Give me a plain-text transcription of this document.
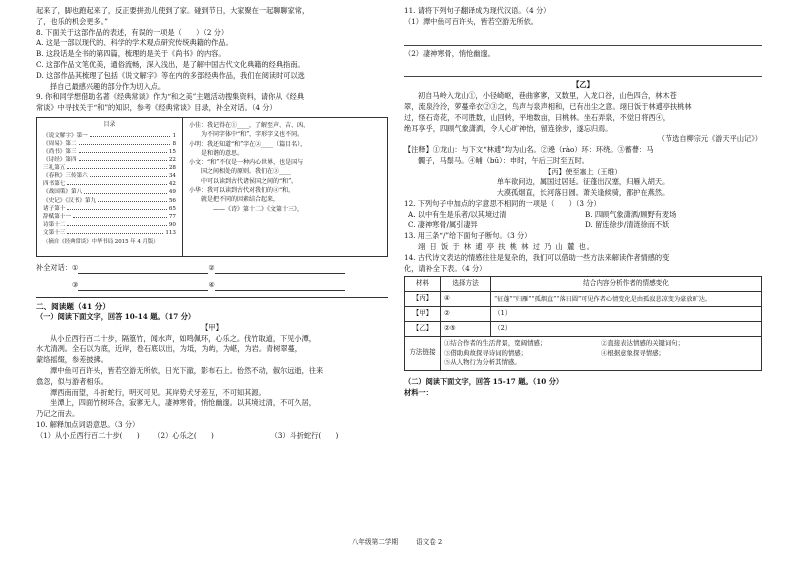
起来了，脚也跑起来了，反正要拼劲儿使到了家。碰到节日，大家聚在一起聊聊家常，
了，也乐的机会更多。”
8. 下面关于这部作品的表述，有误的一项是（　　）（2 分）
A. 这是一部以现代的、科学的学术观点研究传统典籍的作品。
B. 这段话是全书的第四篇，梳理的是关于《尚书》的内容。
C. 这部作品文笔优美，通俗流畅，深入浅出，是了解中国古代文化典籍的经典指南。
D. 这部作品其梳理了包括《说文解字》等在内的多部经典作品，我们在阅读时可以选
择自己最感兴趣的部分作为切入点。
9. 你和同学想借助名著《经典常谈》作为“和之美”主题活动搜集资料，请你从《经典
常谈》中寻找关于“和”的知识，参考《经典常谈》目录，补全对话。（4 分）
目录
《说文解字》第一	1
《周易》第二	8
《尚书》第三	15
《诗经》第四	22
三礼第五	28
《春秋》三传第六	34
四书第七	42
《战国策》第八	49
《史记》《汉书》第九	56
诸子第十	65
辞赋第十一	77
诗第十二	90
文第十三	113
（摘自《经典常谈》中华书局 2015 年 4 月版）
小佳：我记得在①____，了解至声、吉、凶、
　　为不同字体中“和”，字形字义也不同。
小明：我还知道“和”字在②____（篇目名），
　　是和谐的意思。
小文：“和”不仅是一种内心世界，也是国与
　　国之间相处的原则。我们在③____
　　中可以读到古代诸侯国之间的“和”。
小华：我可以读到古代对我们的④“和，
　　就是把不同的因素结合起来，
　　　　——《诗》第十二》《文第十三》，
补全对话： ①	②
③	④
二、阅读题（41 分）
（一）阅读下面文字，回答 10-14 题。（17 分）
【甲】
从小丘西行百二十步，隔篁竹，闻水声，如鸣佩环，心乐之。伐竹取道，下见小潭，
水尤清冽。全石以为底，近岸，卷石底以出，为坻，为屿，为嵁，为岩。青树翠蔓，
蒙络摇缀，参差披拂。
潭中鱼可百许头，皆若空游无所依，日光下澈，影布石上。佁然不动，俶尔远逝，往来
翕忽，似与游者相乐。
潭西南而望，斗折蛇行，明灭可见。其岸势犬牙差互，不可知其源。
坐潭上，四面竹树环合，寂寥无人，凄神寒骨，悄怆幽邃。以其境过清，不可久居，
乃记之而去。
10. 解释加点词语意思。（3 分）
（1）从小丘西行百二十步(　　)	（2）心乐之(　　)	（3）斗折蛇行(　　)
11. 请将下列句子翻译成为现代汉语。（4 分）
（1）潭中鱼可百许头，皆若空游无所依。
（2）凄神寒骨，悄怆幽邃。
【乙】
初自马岭入龙山①，小径崎岖，巷曲寥寥，又数里，入龙口谷，山色四合，林木苍
翠，流泉泠泠，萝蔓牵衣②③之，鸟声与泉声相和，已有出尘之意。翊日饭于林逋亭扶桃林
过，怪石奇花，不可胜数，山回转，平地数亩，曰桃林。坐石弄泉，不觉日将西④，
绝耳享乎，四顾气象潇洒，令人心旷神怡，留连徐步，遂忘归焉。
（节选自柳宗元《游天平山记》）
【注释】①龙山：与下文“林逋”均为山名。②遶（rào）环：环绕。③蓄瞢：马
髑子，马鬃马。④晡（bū）：申时，午后三时至五时。
【丙】使至塞上（王维）
单车欲问边，属国过居延。征蓬出汉塞，归雁入胡天。
大漠孤烟直，长河落日圆。萧关逢候骑，都护在燕然。
12. 下列句子中加点的字意思不相同的一项是（　　）（3 分）
A. 以中有生是乐者/以其境过清	B. 四顾气象潇洒/顾野有麦场
C. 凄神寒骨/属引凄异	D. 留连徐步/清涟徐而不妖
13. 用三条“/”给下面句子断句。（3 分）
翊 日 饭 于 林 逋 亭 扶 桃 林 过 乃 山 麓 也。
14. 古代诗文表达的情感往往是复杂的，我们可以借助一些方法来解读作者情感的变
化，请补全下表。（4 分）
材料	选择方法	结合内容分析作者的情感变化
【丙】	④	“征蓬”“归雁”“孤烟直”“落日圆”可见作者心情变化是由孤寂悲凉变为豪放旷达。
【甲】	②	（1）
【乙】	②⑤	（2）
方法链接	①结合作者的生活背景，宽阔情感； ②直接表达情感的关键词句；
③借助典故探寻诗词的情感； ④根据意象探寻情感；
⑤从人物行为分析其情感。	
（二）阅读下面文字，回答 15-17 题。（10 分）
材料一：
八年级第二学期	语文卷 2
